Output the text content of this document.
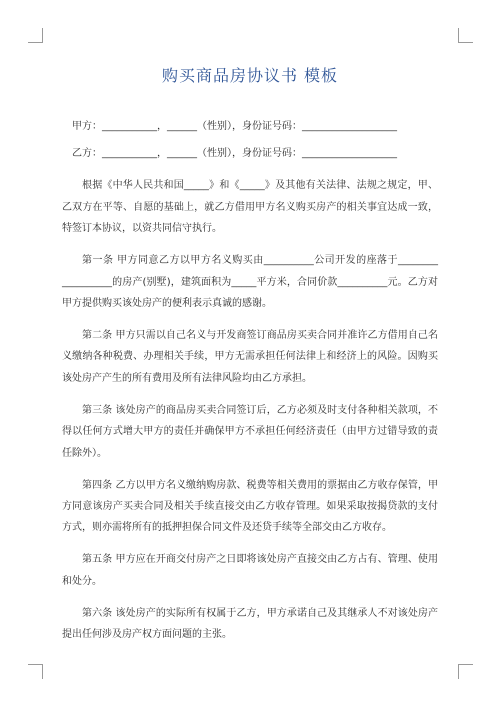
购买商品房协议书 模板

甲方：___________，______（性别），身份证号码：___________________

乙方：___________，______（性别），身份证号码：___________________

根据《中华人民共和国_____》和《_____》及其他有关法律、法规之规定，甲、乙双方在平等、自愿的基础上，就乙方借用甲方名义购买房产的相关事宜达成一致，特签订本协议，以资共同信守执行。

第一条 甲方同意乙方以甲方名义购买由__________公司开发的座落于________ __________的房产(别墅)，建筑面积为_____平方米，合同价款__________元。乙方对甲方提供购买该处房产的便利表示真诚的感谢。

第二条 甲方只需以自己名义与开发商签订商品房买卖合同并准许乙方借用自己名义缴纳各种税费、办理相关手续，甲方无需承担任何法律上和经济上的风险。因购买该处房产产生的所有费用及所有法律风险均由乙方承担。

第三条 该处房产的商品房买卖合同签订后，乙方必须及时支付各种相关款项，不得以任何方式增大甲方的责任并确保甲方不承担任何经济责任（由甲方过错导致的责任除外）。

第四条 乙方以甲方名义缴纳购房款、税费等相关费用的票据由乙方收存保管，甲方同意该房产买卖合同及相关手续直接交由乙方收存管理。如果采取按揭贷款的支付方式，则亦需将所有的抵押担保合同文件及还贷手续等全部交由乙方收存。

第五条 甲方应在开商交付房产之日即将该处房产直接交由乙方占有、管理、使用和处分。

第六条 该处房产的实际所有权属于乙方，甲方承诺自己及其继承人不对该处房产提出任何涉及房产权方面问题的主张。
